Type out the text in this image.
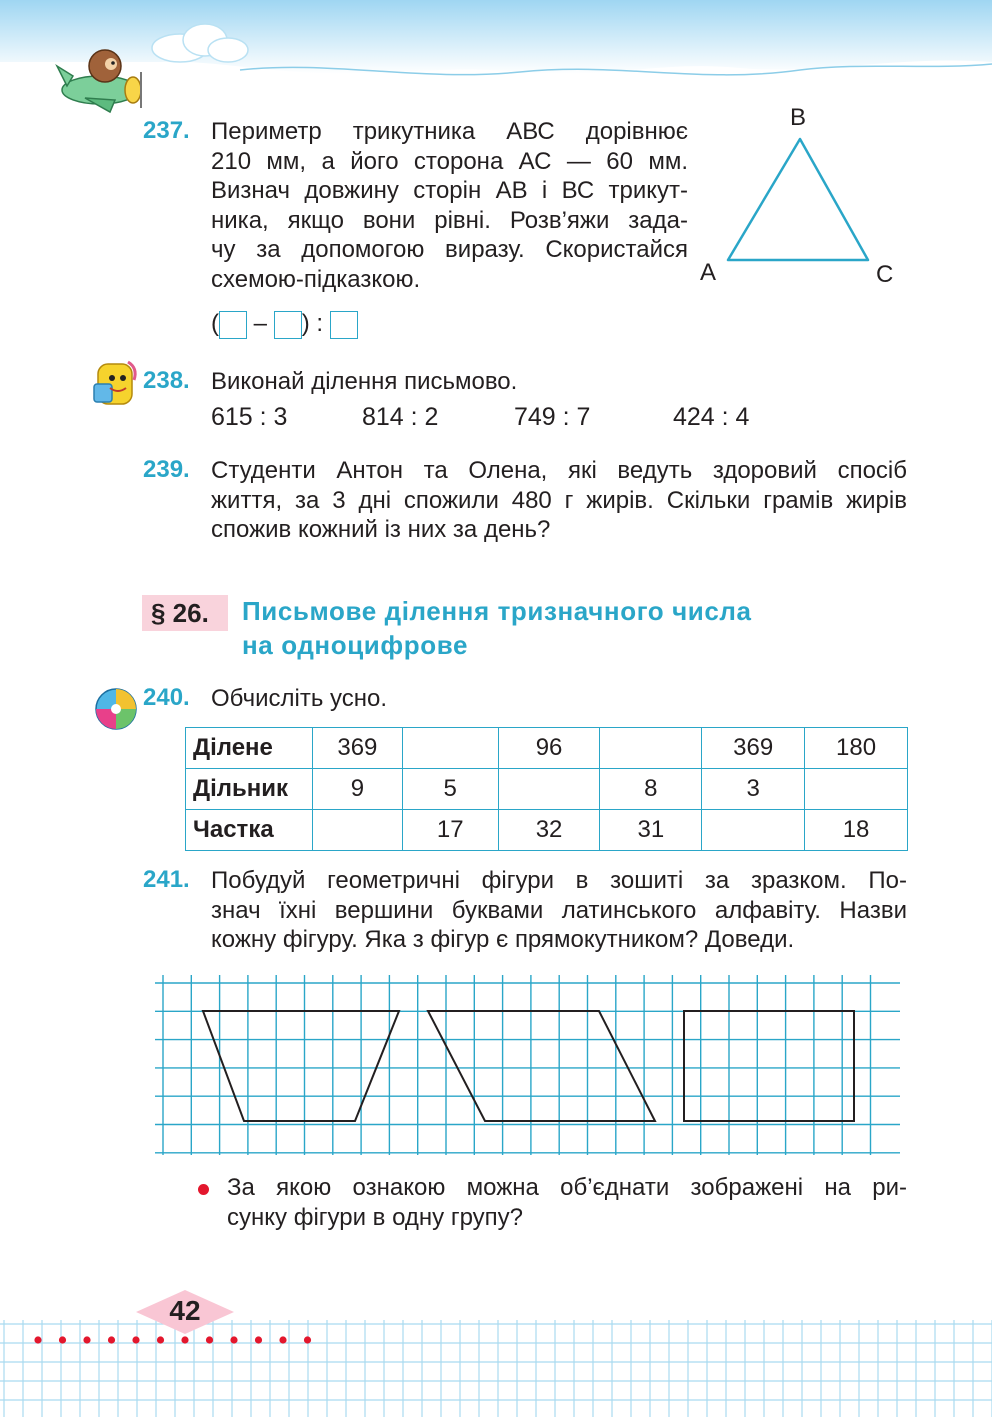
237. Периметр трикутника АВС дорівнює
210 мм, а його сторона АС — 60 мм.
Визнач довжину сторін АВ і ВС трикут-
ника, якщо вони рівні. Розв’яжи зада-
чу за допомогою виразу. Скористайся
схемою-підказкою.
( – ) :
B
A	C
238. Виконай ділення письмово.
615 : 3	814 : 2	749 : 7	424 : 4
239. Студенти Антон та Олена, які ведуть здоровий спосіб
життя, за 3 дні спожили 480 г жирів. Скільки грамів жирів
спожив кожний із них за день?
§ 26. Письмове ділення тризначного числа
на одноцифрове
240. Обчисліть усно.
Ділене	369		96		369	180
Дільник	9	5		8	3	
Частка		17	32	31		18
241. Побудуй геометричні фігури в зошиті за зразком. По-
знач їхні вершини буквами латинського алфавіту. Назви
кожну фігуру. Яка з фігур є прямокутником? Доведи.
За якою ознакою можна об’єднати зображені на ри-
сунку фігури в одну групу?
42
